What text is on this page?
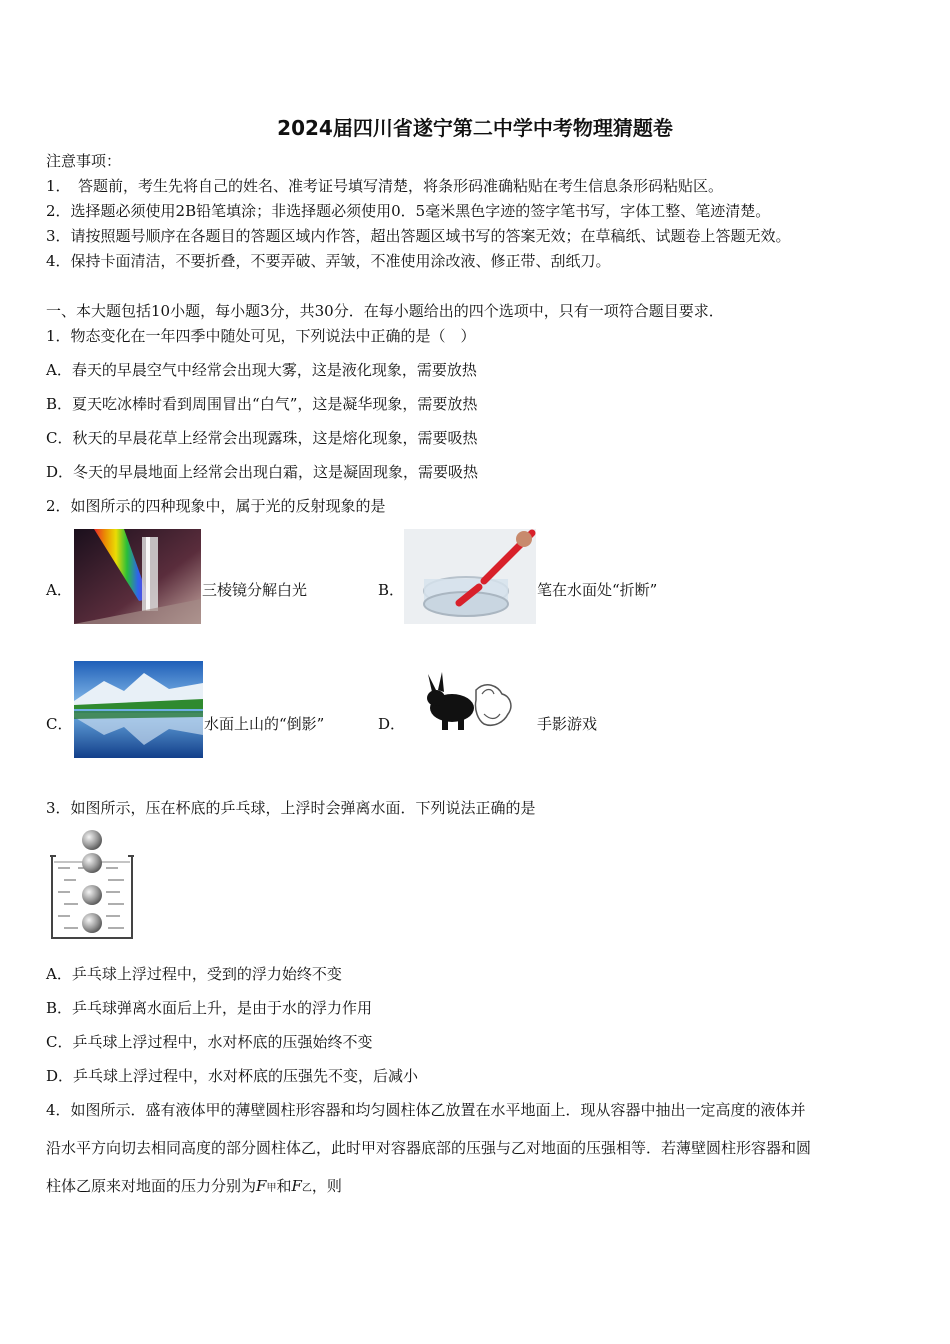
2024届四川省遂宁第二中学中考物理猜题卷
注意事项：
1．　答题前，考生先将自己的姓名、准考证号填写清楚，将条形码准确粘贴在考生信息条形码粘贴区。
2．选择题必须使用2B铅笔填涂；非选择题必须使用0．5毫米黑色字迹的签字笔书写，字体工整、笔迹清楚。
3．请按照题号顺序在各题目的答题区域内作答，超出答题区域书写的答案无效；在草稿纸、试题卷上答题无效。
4．保持卡面清洁，不要折叠，不要弄破、弄皱，不准使用涂改液、修正带、刮纸刀。
一、本大题包括10小题，每小题3分，共30分．在每小题给出的四个选项中，只有一项符合题目要求．
1．物态变化在一年四季中随处可见，下列说法中正确的是（　）
A．春天的早晨空气中经常会出现大雾，这是液化现象，需要放热
B．夏天吃冰棒时看到周围冒出“白气”，这是凝华现象，需要放热
C．秋天的早晨花草上经常会出现露珠，这是熔化现象，需要吸热
D．冬天的早晨地面上经常会出现白霜，这是凝固现象，需要吸热
2．如图所示的四种现象中，属于光的反射现象的是
A．	三棱镜分解白光	B．	笔在水面处“折断”
C．	水面上山的“倒影”	D．	手影游戏
3．如图所示，压在杯底的乒乓球，上浮时会弹离水面．下列说法正确的是
A．乒乓球上浮过程中，受到的浮力始终不变
B．乒乓球弹离水面后上升，是由于水的浮力作用
C．乒乓球上浮过程中，水对杯底的压强始终不变
D．乒乓球上浮过程中，水对杯底的压强先不变，后减小
4．如图所示．盛有液体甲的薄壁圆柱形容器和均匀圆柱体乙放置在水平地面上．现从容器中抽出一定高度的液体并
沿水平方向切去相同高度的部分圆柱体乙，此时甲对容器底部的压强与乙对地面的压强相等．若薄壁圆柱形容器和圆
柱体乙原来对地面的压力分别为F甲和F乙，则
